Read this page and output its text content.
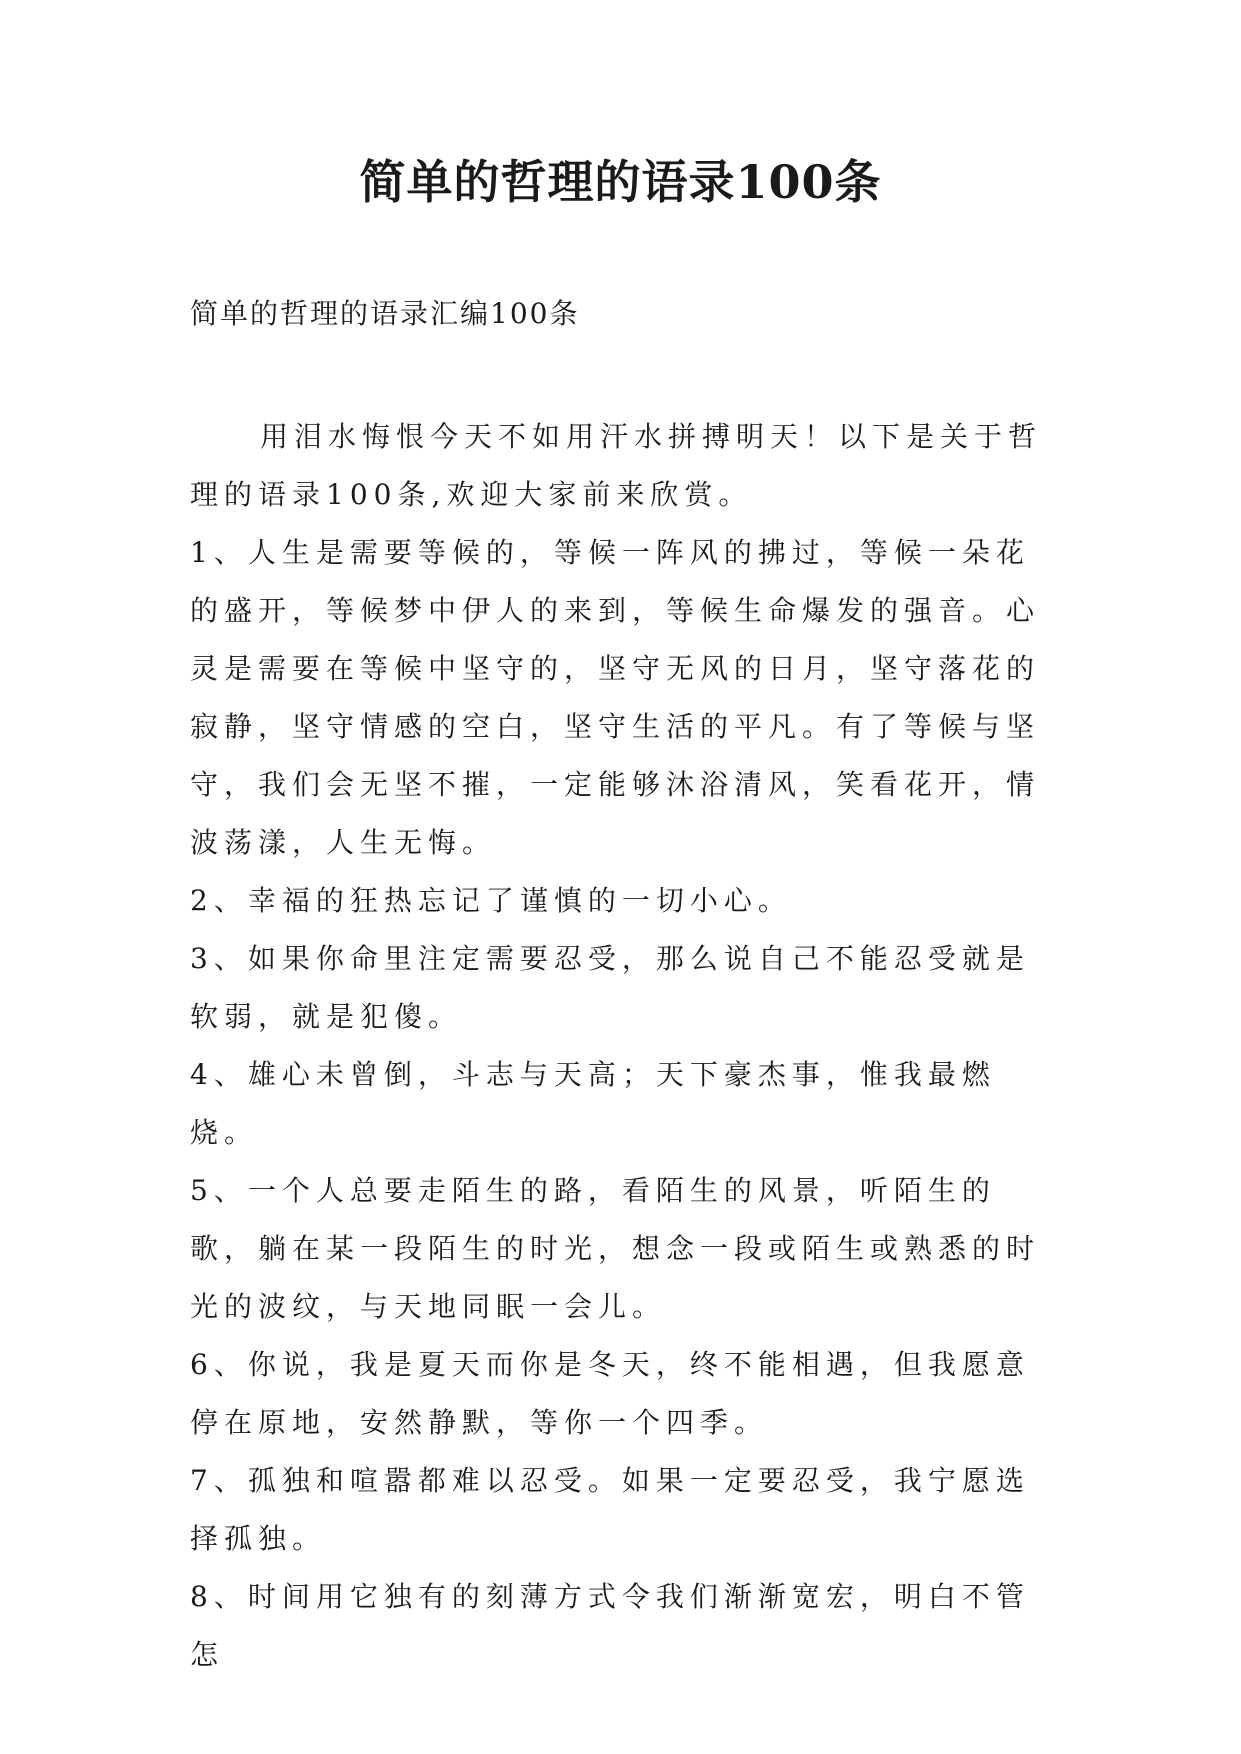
简单的哲理的语录100条

简单的哲理的语录汇编100条

用泪水悔恨今天不如用汗水拼搏明天！以下是关于哲理的语录100条,欢迎大家前来欣赏。

1、人生是需要等候的，等候一阵风的拂过，等候一朵花的盛开，等候梦中伊人的来到，等候生命爆发的强音。心灵是需要在等候中坚守的，坚守无风的日月，坚守落花的寂静，坚守情感的空白，坚守生活的平凡。有了等候与坚守，我们会无坚不摧，一定能够沐浴清风，笑看花开，情波荡漾，人生无悔。

2、幸福的狂热忘记了谨慎的一切小心。

3、如果你命里注定需要忍受，那么说自己不能忍受就是软弱，就是犯傻。

4、雄心未曾倒，斗志与天高；天下豪杰事，惟我最燃烧。

5、一个人总要走陌生的路，看陌生的风景，听陌生的歌，躺在某一段陌生的时光，想念一段或陌生或熟悉的时光的波纹，与天地同眠一会儿。

6、你说，我是夏天而你是冬天，终不能相遇，但我愿意停在原地，安然静默，等你一个四季。

7、孤独和喧嚣都难以忍受。如果一定要忍受，我宁愿选择孤独。

8、时间用它独有的刻薄方式令我们渐渐宽宏，明白不管怎
